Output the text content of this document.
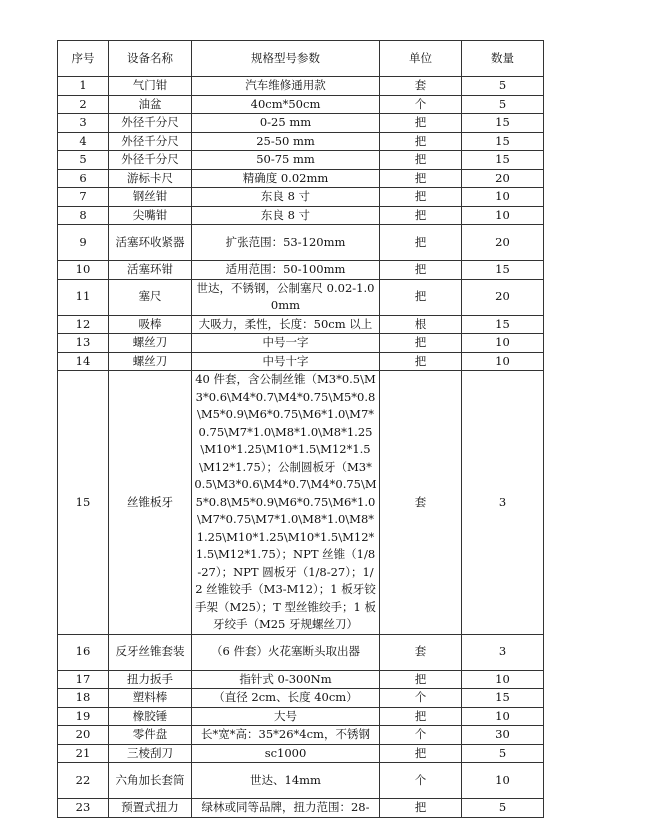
序号	设备名称	规格型号参数	单位	数量
1	气门钳	汽车维修通用款	套	5
2	油盆	40cm*50cm	个	5
3	外径千分尺	0-25 mm	把	15
4	外径千分尺	25-50 mm	把	15
5	外径千分尺	50-75 mm	把	15
6	游标卡尺	精确度 0.02mm	把	20
7	钢丝钳	东良 8 寸	把	10
8	尖嘴钳	东良 8 寸	把	10
9	活塞环收紧器	扩张范围：53-120mm	把	20
10	活塞环钳	适用范围：50-100mm	把	15
11	塞尺	世达，不锈钢，公制塞尺 0.02-1.00mm	把	20
12	吸棒	大吸力，柔性，长度：50cm 以上	根	15
13	螺丝刀	中号一字	把	10
14	螺丝刀	中号十字	把	10
15	丝锥板牙	40 件套，含公制丝锥（M3*0.5\M3*0.6\M4*0.7\M4*0.75\M5*0.8\M5*0.9\M6*0.75\M6*1.0\M7*0.75\M7*1.0\M8*1.0\M8*1.25\M10*1.25\M10*1.5\M12*1.5\M12*1.75）；公制圆板牙（M3*0.5\M3*0.6\M4*0.7\M4*0.75\M5*0.8\M5*0.9\M6*0.75\M6*1.0\M7*0.75\M7*1.0\M8*1.0\M8*1.25\M10*1.25\M10*1.5\M12*1.5\M12*1.75）；NPT 丝锥（1/8-27）；NPT 圆板牙（1/8-27）；1/2 丝锥铰手（M3-M12）；1 板牙铰手架（M25）；T 型丝锥绞手；1 板牙绞手（M25 牙规螺丝刀）	套	3
16	反牙丝锥套装	（6 件套）火花塞断头取出器	套	3
17	扭力扳手	指针式 0-300Nm	把	10
18	塑料棒	（直径 2cm、长度 40cm）	个	15
19	橡胶锤	大号	把	10
20	零件盘	长*宽*高：35*26*4cm，不锈钢	个	30
21	三棱刮刀	sc1000	把	5
22	六角加长套筒	世达、14mm	个	10
23	预置式扭力	绿林或同等品牌，扭力范围：28-	把	5
